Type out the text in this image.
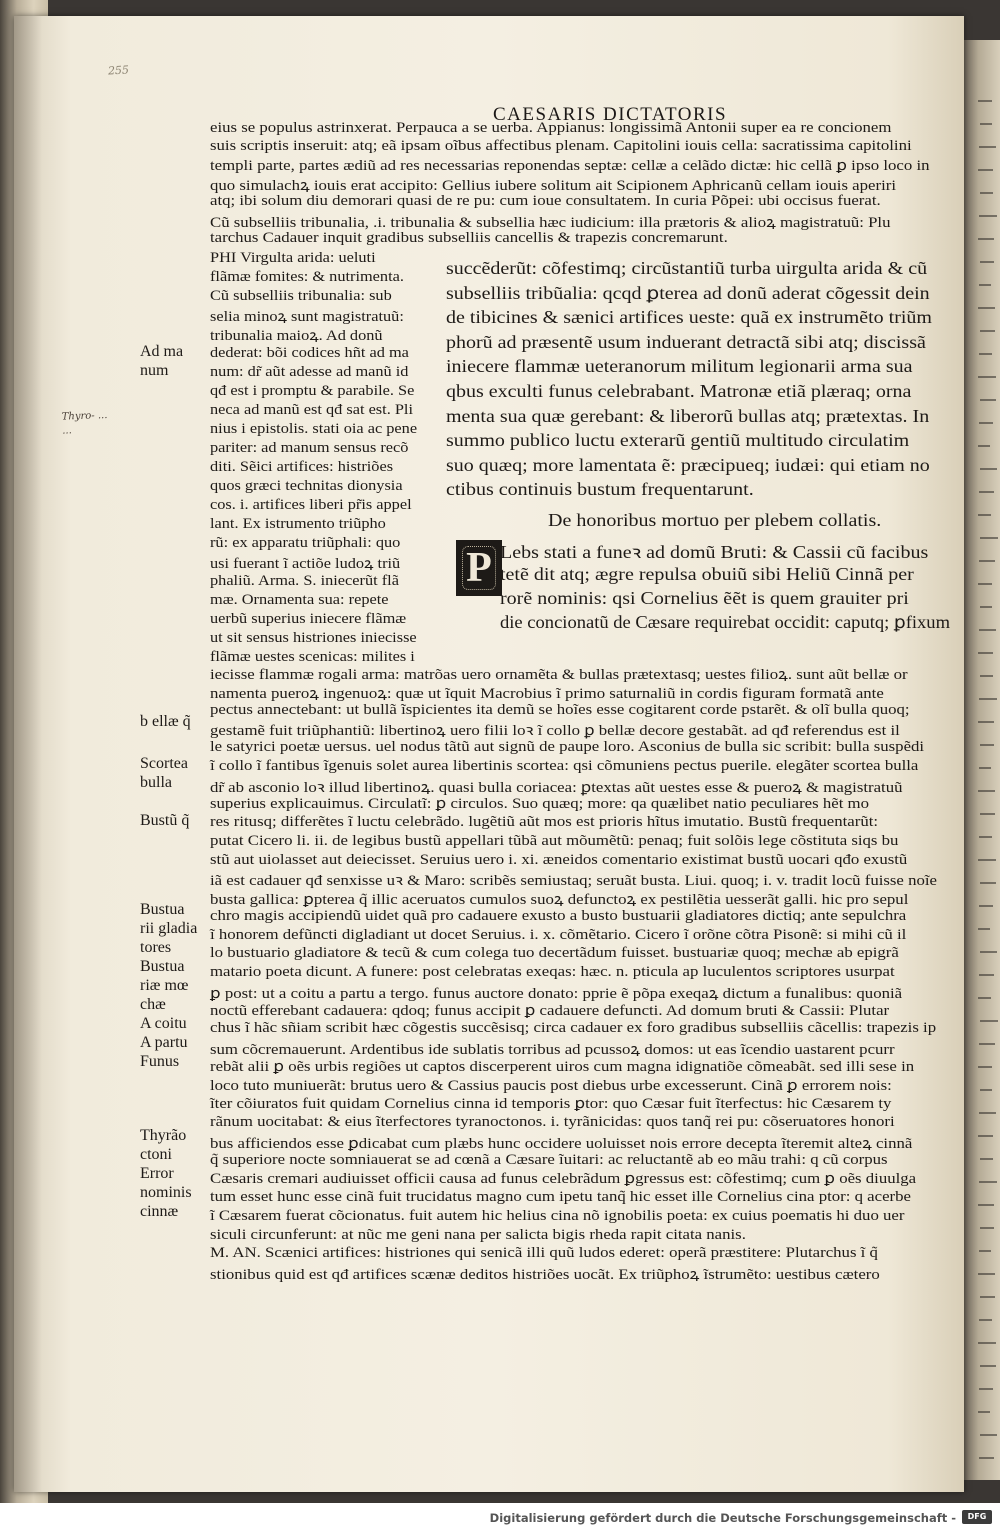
255
CAESARIS DICTATORIS
eius se populus astrinxerat. Perpauca a se uerba. Appianus: longissimã Antonii super ea re concionem
suis scriptis inseruit: atq; eã ipsam oĩbus affectibus plenam. Capitolini iouis cella: sacratissima capitolini
templi parte, partes ædiũ ad res necessarias reponendas septæ: cellæ a celãdo dictæ: hic cellã ꝑ ipso loco in
quo simulachꝝ iouis erat accipito: Gellius iubere solitum ait Scipionem Aphricanũ cellam iouis aperiri
atq; ibi solum diu demorari quasi de re pu: cum ioue consultatem. In curia Põpei: ubi occisus fuerat.
Cũ subselliis tribunalia, .i. tribunalia & subsellia hæc iudicium: illa prætoris & alioꝝ magistratuũ: Plu
tarchus Cadauer inquit gradibus subselliis cancellis & trapezis concremarunt.
PHI Virgulta arida: ueluti
flãmæ fomites: & nutrimenta.
Cũ subselliis tribunalia: sub
selia minoꝝ sunt magistratuũ:
tribunalia maioꝝ. Ad donũ
dederat: bõi codices hñt ad ma
num: dr̃ aũt adesse ad manũ id
qđ est i promptu & parabile. Se
neca ad manũ est qđ sat est. Pli
nius i epistolis. stati oia ac pene
pariter: ad manum sensus recõ
diti. Sẽici artifices: histriões
quos græci technitas dionysia
cos. i. artifices liberi pr̃is appel
lant. Ex istrumento triũpho
rũ: ex apparatu triũphali: quo
usi fuerant ĩ actiõe ludoꝝ triũ
phaliũ. Arma. S. iniecerũt flã
mæ. Ornamenta sua: repete
uerbũ superius iniecere flãmæ
ut sit sensus histriones iniecisse
flãmæ uestes scenicas: milites i
succẽderũt: cõfestimq; circũstantiũ turba uirgulta arida & cũ
subselliis tribũalia: qcqd ꝑterea ad donũ aderat cõgessit dein
de tibicines & sænici artifices ueste: quã ex instrumẽto triũm
phorũ ad præsentẽ usum induerant detractã sibi atq; discissã
iniecere flammæ ueteranorum militum legionarii arma sua
qbus exculti funus celebrabant. Matronæ etiã plæraq; orna
menta sua quæ gerebant: & liberorũ bullas atq; prætextas. In
summo publico luctu exterarũ gentiũ multitudo circulatim
suo quæq; more lamentata ẽ: præcipueq; iudæi: qui etiam no
ctibus continuis bustum frequentarunt.
De honoribus mortuo per plebem collatis.
P Lebs stati a funeꝛ ad domũ Bruti: & Cassii cũ facibus
tetẽ dit atq; ægre repulsa obuiũ sibi Heliũ Cinnã per
rorẽ nominis: qsi Cornelius ẽẽt is quem grauiter pri
die concionatũ de Cæsare requirebat occidit: caputq; ꝑfixum
iecisse flammæ rogali arma: matrõas uero ornamẽta & bullas prætextasq; uestes filioꝝ. sunt aũt bellæ or
namenta pueroꝝ ingenuoꝝ: quæ ut ĩquit Macrobius ĩ primo saturnaliũ in cordis figuram formatã ante
pectus annectebant: ut bullã ĩspicientes ita demũ se hoĩes esse cogitarent corde pstarẽt. & olĩ bulla quoq;
gestamẽ fuit triũphantiũ: libertinoꝝ uero filii loꝛ ĩ collo ꝑ bellæ decore gestabãt. ad qđ referendus est il
le satyrici poetæ uersus. uel nodus tãtũ aut signũ de paupe loro. Asconius de bulla sic scribit: bulla suspẽdi
ĩ collo ĩ fantibus ĩgenuis solet aurea libertinis scortea: qsi cõmuniens pectus puerile. elegãter scortea bulla
dr̃ ab asconio loꝛ illud libertinoꝝ. quasi bulla coriacea: ꝑtextas aũt uestes esse & pueroꝝ & magistratuũ
superius explicauimus. Circulatĩ: ꝑ circulos. Suo quæq; more: qa quælibet natio peculiares hẽt mo
res ritusq; differẽtes ĩ luctu celebrãdo. lugẽtiũ aũt mos est prioris hĩtus imutatio. Bustũ frequentarũt:
putat Cicero li. ii. de legibus bustũ appellari tũbã aut mõumẽtũ: penaq; fuit solõis lege cõstituta siqs bu
stũ aut uiolasset aut deiecisset. Seruius uero i. xi. æneidos comentario existimat bustũ uocari qđo exustũ
iã est cadauer qđ senxisse uꝛ & Maro: scribẽs semiustaq; seruãt busta. Liui. quoq; i. v. tradit locũ fuisse noĩe
busta gallica: ꝑpterea q̃ illic aceruatos cumulos suoꝝ defunctoꝝ ex pestilẽtia uesserãt galli. hic pro sepul
chro magis accipiendũ uidet quã pro cadauere exusto a busto bustuarii gladiatores dictiq; ante sepulchra
ĩ honorem defũncti digladiant ut docet Seruius. i. x. cõmẽtario. Cicero ĩ orõne cõtra Pisonẽ: si mihi cũ il
lo bustuario gladiatore & tecũ & cum colega tuo decertãdum fuisset. bustuariæ quoq; mechæ ab epigrã
matario poeta dicunt. A funere: post celebratas exeqas: hæc. n. pticula ap luculentos scriptores usurpat
ꝑ post: ut a coitu a partu a tergo. funus auctore donato: pprie ẽ põpa exeqaꝝ dictum a funalibus: quoniã
noctũ efferebant cadauera: qdoq; funus accipit ꝑ cadauere defuncti. Ad domum bruti & Cassii: Plutar
chus ĩ hãc sñiam scribit hæc cõgestis succẽsisq; circa cadauer ex foro gradibus subselliis cãcellis: trapezis ip
sum cõcremauerunt. Ardentibus ide sublatis torribus ad pcussoꝝ domos: ut eas ĩcendio uastarent pcurr
rebãt alii ꝑ oẽs urbis regiões ut captos discerperent uiros cum magna idignatiõe cõmeabãt. sed illi sese in
loco tuto muniuerãt: brutus uero & Cassius paucis post diebus urbe excesserunt. Cinã ꝑ errorem nois:
ĩter cõiuratos fuit quidam Cornelius cinna id temporis ꝑtor: quo Cæsar fuit ĩterfectus: hic Cæsarem ty
rãnum uocitabat: & eius ĩterfectores tyranoctonos. i. tyrãnicidas: quos tanq̃ rei pu: cõseruatores honori
bus afficiendos esse ꝑdicabat cum plæbs hunc occidere uoluisset nois errore decepta ĩteremit alteꝝ cinnã
q̃ superiore nocte somniauerat se ad cœnã a Cæsare ĩuitari: ac reluctantẽ ab eo mãu trahi: q cũ corpus
Cæsaris cremari audiuisset officii causa ad funus celebrãdum ꝑgressus est: cõfestimq; cum ꝑ oẽs diuulga
tum esset hunc esse cinã fuit trucidatus magno cum ipetu tanq̃ hic esset ille Cornelius cina ptor: q acerbe
ĩ Cæsarem fuerat cõcionatus. fuit autem hic helius cina nõ ignobilis poeta: ex cuius poematis hi duo uer
siculi circunferunt: at nũc me geni nana per salicta bigis rheda rapit citata nanis.
M. AN. Scænici artifices: histriones qui senicã illi quũ ludos ederet: operã præstitere: Plutarchus ĩ q̃
stionibus quid est qđ artifices scænæ deditos histriões uocãt. Ex triũphoꝝ ĩstrumẽto: uestibus cætero
Ad ma
num
b ellæ q̃
Scortea
bulla
Bustũ q̃
Bustua
rii gladia
tores
Bustua
riæ mœ
chæ
A coitu
A partu
Funus
Thyrão
ctoni
Error
nominis
cinnæ
Thyro- ...
...
Digitalisierung gefördert durch die Deutsche Forschungsgemeinschaft -	DFG
